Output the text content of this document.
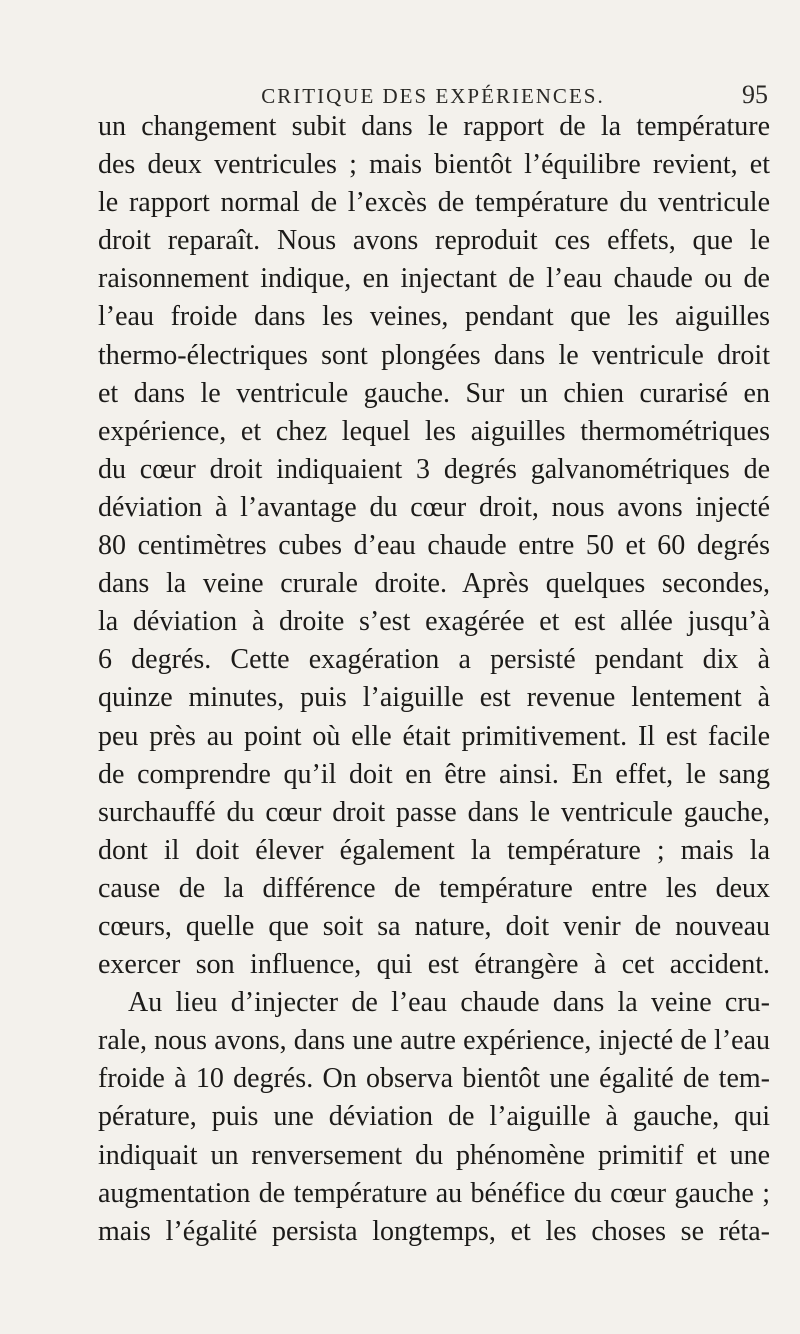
CRITIQUE DES EXPÉRIENCES.	95
un changement subit dans le rapport de la température
des deux ventricules ; mais bientôt l’équilibre revient, et
le rapport normal de l’excès de température du ventricule
droit reparaît. Nous avons reproduit ces effets, que le
raisonnement indique, en injectant de l’eau chaude ou de
l’eau froide dans les veines, pendant que les aiguilles
thermo-électriques sont plongées dans le ventricule droit
et dans le ventricule gauche. Sur un chien curarisé en
expérience, et chez lequel les aiguilles thermométriques
du cœur droit indiquaient 3 degrés galvanométriques de
déviation à l’avantage du cœur droit, nous avons injecté
80 centimètres cubes d’eau chaude entre 50 et 60 degrés
dans la veine crurale droite. Après quelques secondes,
la déviation à droite s’est exagérée et est allée jusqu’à
6 degrés. Cette exagération a persisté pendant dix à
quinze minutes, puis l’aiguille est revenue lentement à
peu près au point où elle était primitivement. Il est facile
de comprendre qu’il doit en être ainsi. En effet, le sang
surchauffé du cœur droit passe dans le ventricule gauche,
dont il doit élever également la température ; mais la
cause de la différence de température entre les deux
cœurs, quelle que soit sa nature, doit venir de nouveau
exercer son influence, qui est étrangère à cet accident.
Au lieu d’injecter de l’eau chaude dans la veine cru-
rale, nous avons, dans une autre expérience, injecté de l’eau
froide à 10 degrés. On observa bientôt une égalité de tem-
pérature, puis une déviation de l’aiguille à gauche, qui
indiquait un renversement du phénomène primitif et une
augmentation de température au bénéfice du cœur gauche ;
mais l’égalité persista longtemps, et les choses se réta-
